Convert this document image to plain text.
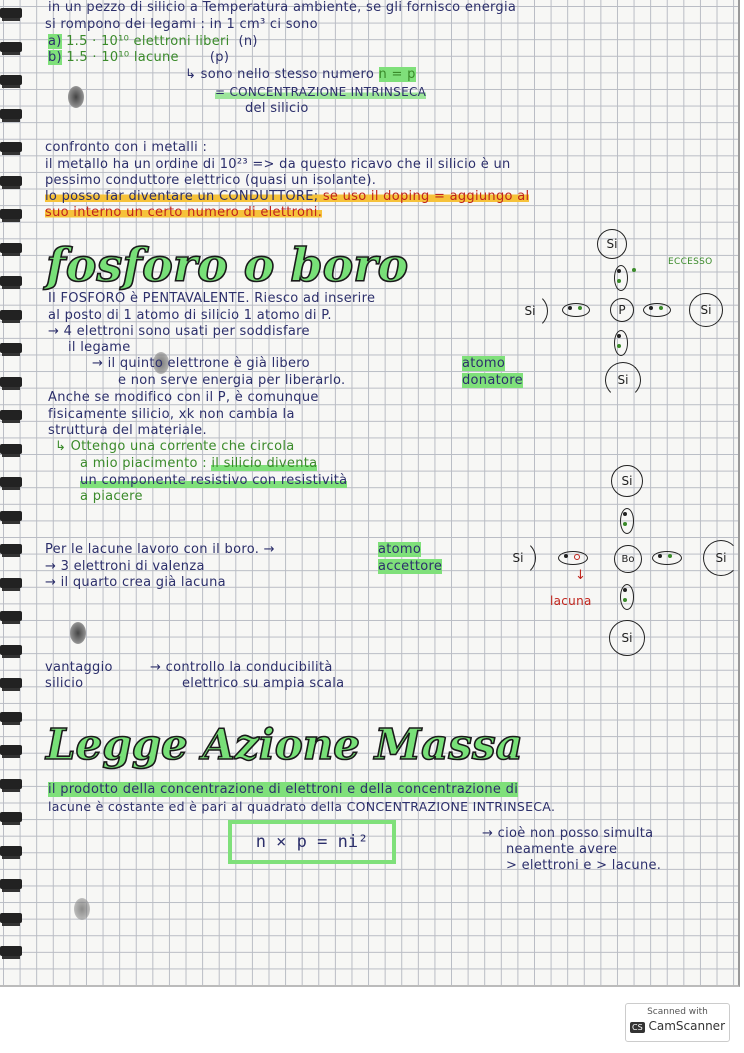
in un pezzo di silicio a Temperatura ambiente, se gli fornisco energia
si rompono dei legami : in 1 cm³ ci sono
a) 1.5 · 10¹⁰ elettroni liberi (n)
b) 1.5 · 10¹⁰ lacune (p)
↳ sono nello stesso numero n = p
= CONCENTRAZIONE INTRINSECA
del silicio
confronto con i metalli :
il metallo ha un ordine di 10²³ => da questo ricavo che il silicio è un
pessimo conduttore elettrico (quasi un isolante).
lo posso far diventare un CONDUTTORE; se uso il doping = aggiungo al
suo interno un certo numero di elettroni.
fosforo o boro
Il FOSFORO è PENTAVALENTE. Riesco ad inserire
al posto di 1 atomo di silicio 1 atomo di P.
→ 4 elettroni sono usati per soddisfare
il legame
→ il quinto elettrone è già libero
e non serve energia per liberarlo.
atomo
donatore
Anche se modifico con il P, è comunque
fisicamente silicio, xk non cambia la
struttura del materiale.
↳ Ottengo una corrente che circola
a mio piacimento : il silicio diventa
un componente resistivo con resistività
a piacere
Si
P	Si
Si
Si
ECCESSO
Per le lacune lavoro con il boro. →	atomo
accettore
→ 3 elettroni di valenza
→ il quarto crea già lacuna
Si
Bo
Si	Si
Si
lacuna
↓
vantaggio
silicio
→ controllo la conducibilità
elettrico su ampia scala
Legge Azione Massa
il prodotto della concentrazione di elettroni e della concentrazione di
lacune è costante ed è pari al quadrato della CONCENTRAZIONE INTRINSECA.
n × p = ni²	→ cioè non posso simulta
neamente avere
> elettroni e > lacune.
Scanned with
CS CamScanner
